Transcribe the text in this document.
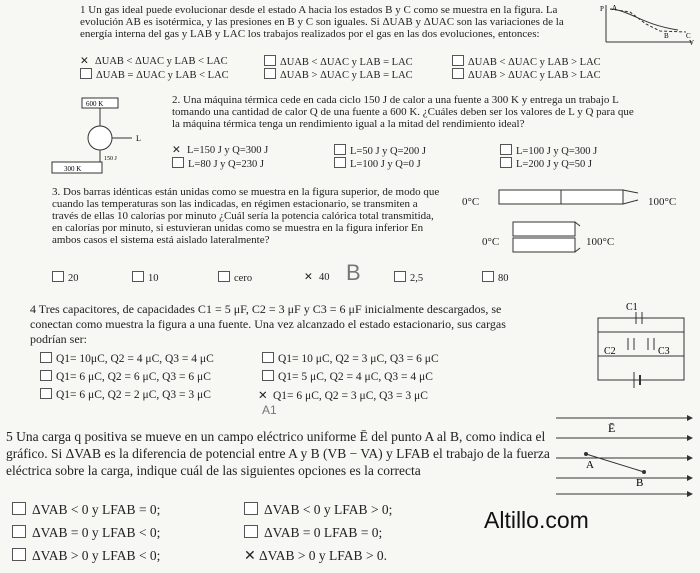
1 Un gas ideal puede evolucionar desde el estado A hacia los estados B y C como se muestra en la figura. La evolución AB es isotérmica, y las presiones en B y C son iguales. Si ΔUAB y ΔUAC son las variaciones de la energía interna del gas y LAB y LAC los trabajos realizados por el gas en las dos evoluciones, entonces:
P A
B C
V
✕ ΔUAB < ΔUAC y LAB < LAC	ΔUAB < ΔUAC y LAB = LAC	ΔUAB < ΔUAC y LAB > LAC
ΔUAB = ΔUAC y LAB < LAC	ΔUAB > ΔUAC y LAB = LAC	ΔUAB > ΔUAC y LAB > LAC
600 K
L
150 J
300 K
2. Una máquina térmica cede en cada ciclo 150 J de calor a una fuente a 300 K y entrega un trabajo L tomando una cantidad de calor Q de una fuente a 600 K. ¿Cuáles deben ser los valores de L y Q para que la máquina térmica tenga un rendimiento igual a la mitad del rendimiento ideal?
✕ L=150 J y Q=300 J	L=50 J y Q=200 J	L=100 J y Q=300 J
L=80 J y Q=230 J	L=100 J y Q=0 J	L=200 J y Q=50 J
3. Dos barras idénticas están unidas como se muestra en la figura superior, de modo que cuando las temperaturas son las indicadas, en régimen estacionario, se transmiten a través de ellas 10 calorías por minuto ¿Cuál sería la potencia calórica total transmitida, en calorías por minuto, si estuvieran unidas como se muestra en la figura inferior En ambos casos el sistema está aislado lateralmente?
0°C	100°C
0°C	100°C
20	10	cero	✕ 40 B	2,5	80
4 Tres capacitores, de capacidades C1 = 5 μF, C2 = 3 μF y C3 = 6 μF inicialmente descargados, se conectan como muestra la figura a una fuente. Una vez alcanzado el estado estacionario, sus cargas podrían ser:
C1
C2	C3
Q1= 10μC, Q2 = 4 μC, Q3 = 4 μC	Q1= 10 μC, Q2 = 3 μC, Q3 = 6 μC
Q1= 6 μC, Q2 = 6 μC, Q3 = 6 μC	Q1= 5 μC, Q2 = 4 μC, Q3 = 4 μC
Q1= 6 μC, Q2 = 2 μC, Q3 = 3 μC	✕ Q1= 6 μC, Q2 = 3 μC, Q3 = 3 μC
A1
5 Una carga q positiva se mueve en un campo eléctrico uniforme Ē del punto A al B, como indica el gráfico. Si ΔVAB es la diferencia de potencial entre A y B (VB − VA) y LFAB el trabajo de la fuerza eléctrica sobre la carga, indique cuál de las siguientes opciones es la correcta
Ē
A
B
ΔVAB < 0 y LFAB = 0;	ΔVAB < 0 y LFAB > 0;
ΔVAB = 0 y LFAB < 0;	ΔVAB = 0 LFAB = 0;
ΔVAB > 0 y LFAB < 0;	✕ ΔVAB > 0 y LFAB > 0.
Altillo.com
